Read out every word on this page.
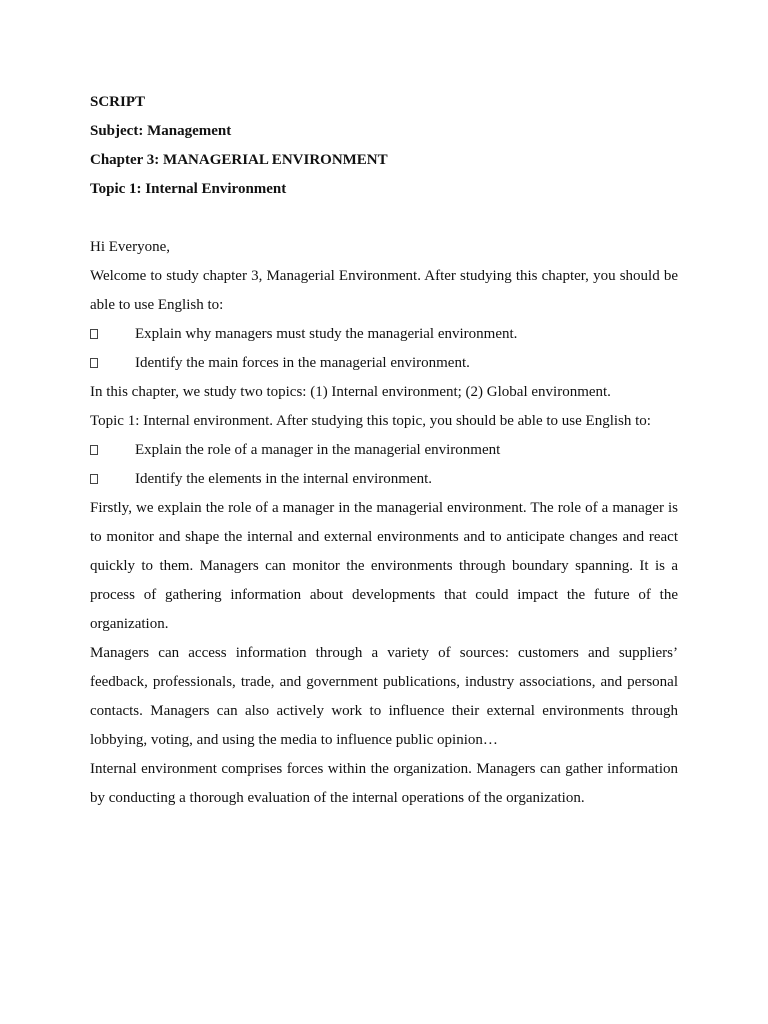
SCRIPT

Subject: Management

Chapter 3: MANAGERIAL ENVIRONMENT

Topic 1: Internal Environment

Hi Everyone,

Welcome to study chapter 3, Managerial Environment. After studying this chapter, you should be able to use English to:

Explain why managers must study the managerial environment.
Identify the main forces in the managerial environment.

In this chapter, we study two topics: (1) Internal environment; (2) Global environment.

Topic 1: Internal environment. After studying this topic, you should be able to use English to:

Explain the role of a manager in the managerial environment
Identify the elements in the internal environment.

Firstly, we explain the role of a manager in the managerial environment. The role of a manager is to monitor and shape the internal and external environments and to anticipate changes and react quickly to them. Managers can monitor the environments through boundary spanning. It is a process of gathering information about developments that could impact the future of the organization.

Managers can access information through a variety of sources: customers and suppliers’ feedback, professionals, trade, and government publications, industry associations, and personal contacts. Managers can also actively work to influence their external environments through lobbying, voting, and using the media to influence public opinion…

Internal environment comprises forces within the organization. Managers can gather information by conducting a thorough evaluation of the internal operations of the organization.
